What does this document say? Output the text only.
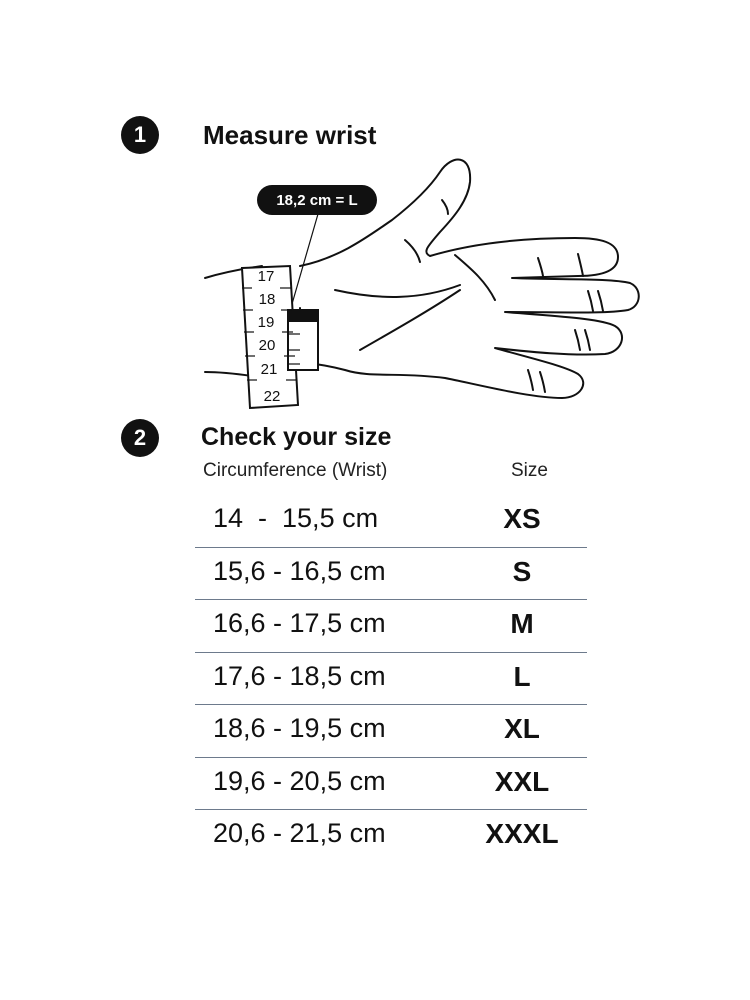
1	Measure wrist
17
18
19
20
21
22
18,2 cm = L
2	Check your size
Circumference (Wrist)	Size
14  -  15,5 cm	XS
15,6 - 16,5 cm	S
16,6 - 17,5 cm	M
17,6 - 18,5 cm	L
18,6 - 19,5 cm	XL
19,6 - 20,5 cm	XXL
20,6 - 21,5 cm	XXXL
